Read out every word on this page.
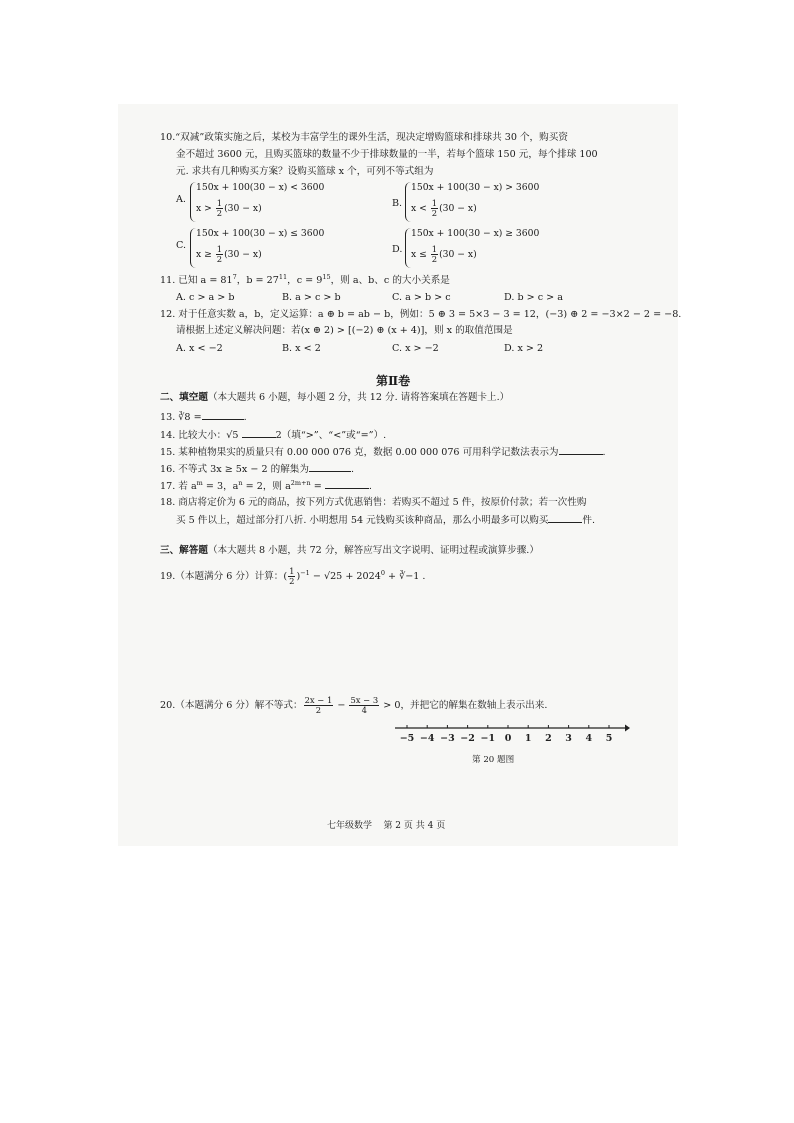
10.“双减”政策实施之后，某校为丰富学生的课外生活，现决定增购篮球和排球共 30 个，购买资
金不超过 3600 元，且购买篮球的数量不少于排球数量的一半，若每个篮球 150 元，每个排球 100
元. 求共有几种购买方案？设购买篮球 x 个，可列不等式组为
A.
150x + 100(30 − x) < 3600
$x > \frac{1}{2} (30 - x)$	B.
150x + 100(30 − x) > 3600
$x < \frac{1}{2} (30 - x)$
C.
150x + 100(30 − x) ≤ 3600
$x \ge \frac{1}{2} (30 - x)$	D.
150x + 100(30 − x) ≥ 3600
$x \le \frac{1}{2} (30 - x)$
11. 已知 $a = 81^7$，$b = 27^{11}$，$c = 9^{15}$，则 a、b、c 的大小关系是
A. c > a > b	B. a > c > b	C. a > b > c	D. b > c > a
12. 对于任意实数 a，b，定义运算：a ⊕ b = ab − b，例如：5 ⊕ 3 = 5×3 − 3 = 12，(−3) ⊕ 2 = −3×2 − 2 = −8.
请根据上述定义解决问题：若(x ⊕ 2) > [(−2) ⊕ (x + 4)]，则 x 的取值范围是
A. x < −2	B. x < 2	C. x > −2	D. x > 2
第Ⅱ卷
二、填空题（本大题共 6 小题，每小题 2 分，共 12 分. 请将答案填在答题卡上.）
13. ∛8 =	.
14. 比较大小：√5	2（填“>”、“<”或“=”）.
15. 某种植物果实的质量只有 0.00 000 076 克，数据 0.00 000 076 可用科学记数法表示为	.
16. 不等式 3x ≥ 5x − 2 的解集为	.
17. 若 $a^m = 3$，$a^n = 2$，则 $a^{2m+n}$ =	.
18. 商店将定价为 6 元的商品，按下列方式优惠销售：若购买不超过 5 件，按原价付款；若一次性购
买 5 件以上，超过部分打八折. 小明想用 54 元钱购买该种商品，那么小明最多可以购买	件.
三、解答题（本大题共 8 小题，共 72 分，解答应写出文字说明、证明过程或演算步骤.）
19.（本题满分 6 分）计算：( $\frac{1}{2} )^{-1} - √25 + 2024^0$ + ∛−1 .
20.（本题满分 6 分）解不等式： $\frac{2x - 1}{2} - \frac{5x - 3}{4} > 0$，并把它的解集在数轴上表示出来.
−5 −4 −3 −2 −1 0 1 2 3 4 5
第 20 题图
七年级数学    第 2 页 共 4 页
